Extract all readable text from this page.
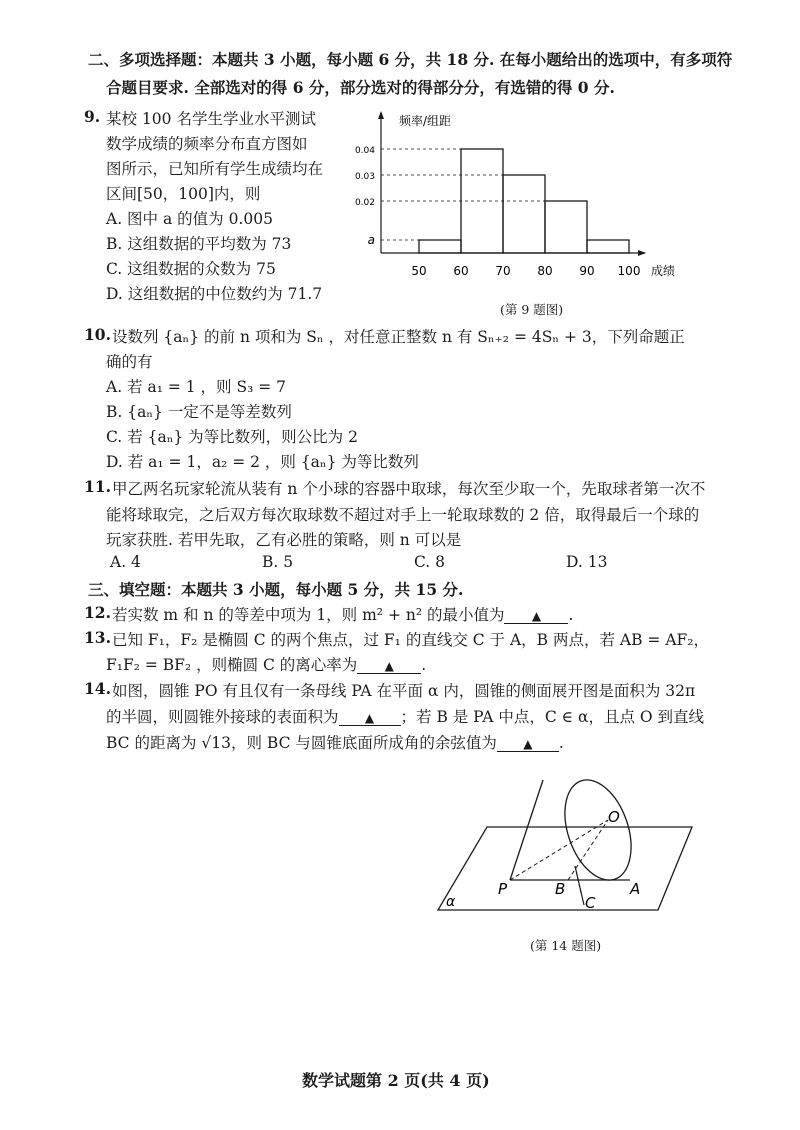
二、多项选择题：本题共 3 小题，每小题 6 分，共 18 分. 在每小题给出的选项中，有多项符
合题目要求. 全部选对的得 6 分，部分选对的得部分分，有选错的得 0 分.
9. 某校 100 名学生学业水平测试
数学成绩的频率分布直方图如
图所示，已知所有学生成绩均在
区间[50，100]内，则
A. 图中 a 的值为 0.005
B. 这组数据的平均数为 73
C. 这组数据的众数为 75
D. 这组数据的中位数约为 71.7
0.04
0.03
0.02
a
50 60 70 80 90 100
频率/组距
成绩
(第 9 题图)
10. 设数列 {aₙ} 的前 n 项和为 Sₙ ，对任意正整数 n 有 Sₙ₊₂ = 4Sₙ + 3，下列命题正
确的有
A. 若 a₁ = 1 ，则 S₃ = 7
B. {aₙ} 一定不是等差数列
C. 若 {aₙ} 为等比数列，则公比为 2
D. 若 a₁ = 1，a₂ = 2 ，则 {aₙ} 为等比数列
11. 甲乙两名玩家轮流从装有 n 个小球的容器中取球，每次至少取一个，先取球者第一次不
能将球取完，之后双方每次取球数不超过对手上一轮取球数的 2 倍，取得最后一个球的
玩家获胜. 若甲先取，乙有必胜的策略，则 n 可以是
A. 4	B. 5	C. 8	D. 13
三、填空题：本题共 3 小题，每小题 5 分，共 15 分.
12. 若实数 m 和 n 的等差中项为 1，则 m² + n² 的最小值为 ▲ .
13. 已知 F₁，F₂ 是椭圆 C 的两个焦点，过 F₁ 的直线交 C 于 A，B 两点，若 AB = AF₂，
F₁F₂ = BF₂ ，则椭圆 C 的离心率为 ▲ .
14. 如图，圆锥 PO 有且仅有一条母线 PA 在平面 α 内，圆锥的侧面展开图是面积为 32π
的半圆，则圆锥外接球的表面积为 ▲ ；若 B 是 PA 中点，C ∈ α，且点 O 到直线
BC 的距离为 √13，则 BC 与圆锥底面所成角的余弦值为 ▲ .
O
P	B
C
A
α
(第 14 题图)
数学试题第 2 页(共 4 页)
